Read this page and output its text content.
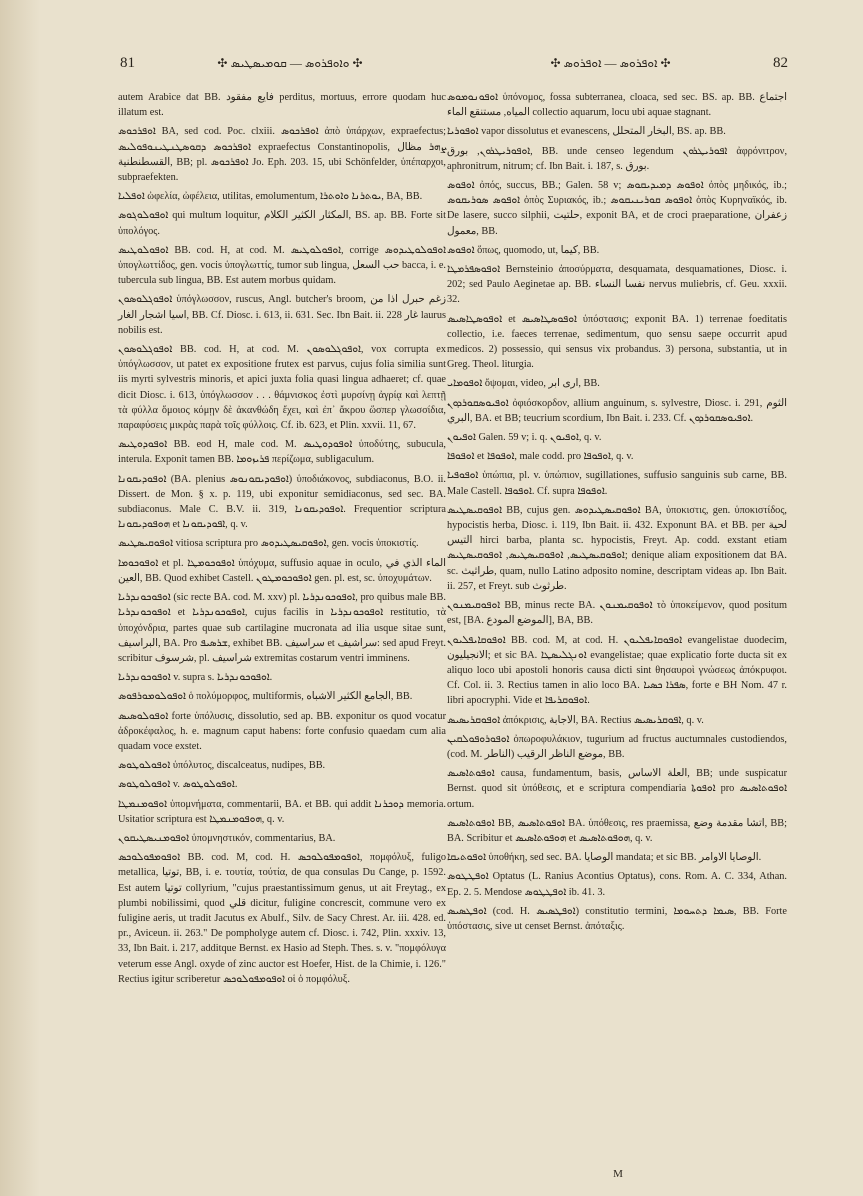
81	✣ ܘܐܘܦܪܘܣ — ܩܘܡܝܣܛܝܣ ✣	✣ ܐܘܦܪܘܣ — ܐܘܦܪܘܣ ✣	82

autem Arabice dat BB. فایع مفقود perditus, mortuus, errore quodam huc illatum est.

ܐܘܦܪܟܘܣ BA, sed cod. Poc. clxiii. ܐܘܦܪܟܘܣ ἀπὸ ὑπάρχων, expraefectus; ܐܘܦܪܟܘܣ ܕܩܘܣܛܢܛܝܢܘܦܘܠܝܣ expraefectus Constantinopolis, ܨܗܪ مظال القسطنطنية, BB; pl. ܐܘܦܪܟܘܣ Jo. Eph. 203. 15, ubi Schönfelder, ὑπέπαρχοι, subpraefekten.

ܐܘܦܠܝܐ ὠφελία, ὠφέλεια, utilitas, emolumentum, ܝܘܬܪܢܐ ܘܐܘܬܪܐ, BA, BB.

ܐܘܦܘܠܘܓܘܣ qui multum loquitur, المكثار الكثير الكلام, BS. ap. BB. Forte sit ὑπολόγος.

ܐܘܦܘܠܘܛܝܣ BB. cod. H, at cod. M. ܐܘܦܘܠܘܛܝܣ, corrige ܐܘܦܘܠܘܛܝܕܘܣ ὑπογλωττίδος, gen. vocis ὑπογλωττίς, tumor sub lingua, حب السعل bacca, i. e. tubercula sub lingua, BB. Est autem morbus quidam.

ܐܘܦܘܓܠܘܣܘܢ ὑπόγλωσσον, ruscus, Angl. butcher's broom, زغم حبرل اذا من اسيا اشجار الغار, BB. Cf. Diosc. i. 613, ii. 631. Sec. Ibn Bait. ii. 228 غار laurus nobilis est.

ܐܘܦܘܓܠܘܣܘܢ BB. cod. H, at cod. M. ܐܘܦܘܓܠܘܣܘܢ, vox corrupta ex ὑπόγλωσσον, ut patet ex expositione frutex est parvus, cujus folia similia sunt iis myrti sylvestris minoris, et apici juxta folia quasi lingua adhaeret; cf. quae dicit Diosc. i. 613, ὑπόγλωσσον . . . θάμνισκος ἐστὶ μυρσίνῃ ἀγρίᾳ καὶ λεπτῇ τὰ φύλλα ὅμοιος κόμῃν δὲ ἀκανθώδη ἔχει, καὶ ἐπ᾽ ἄκρου ὥσπερ γλωσσίδια, παραφύσεις μικρὰς παρὰ τοῖς φύλλοις. Cf. ib. 623, et Plin. xxvii. 11, 67.

ܐܘܦܘܕܘܛܝܣ BB. eod H, male cod. M. ܐܘܦܘܕܘܛܝܣ ὑποδύτης, subucula, interula. Exponit tamen BB. ܦܪܝܙܘܡܐ περίζωμα, subligaculum.

ܐܘܦܘܕܝܩܘܢܐ (BA. plenius ܐܘܦܘܕܝܩܘܢܘܣ) ὑποδιάκονος, subdiaconus, B.O. ii. Dissert. de Mon. § x. p. 119, ubi exponitur semidiaconus, sed sec. BA. subdiaconus. Male C. B.V. ii. 319, ܐܘܦܘܕܝܩܘܢܐ. Frequentior scriptura ܗܘܦܘܕܝܩܘܢܐ et ܐܦܘܕܝܩܘܢܐ, q. v.

ܐܘܦܘܩܝܣܛܝܣ vitiosa scriptura pro ܐܘܦܘܩܝܣܛܝܕܘܣ, gen. vocis ὑποκιστίς.

ܐܘܦܘܟܘܡܐ et pl. ܐܘܦܘܟܘܡܛܐ ὑπόχυμα, suffusio aquae in oculo, الماء الذي في العين, BB. Quod exhibet Castell. ܐܘܦܘܟܘܡܛܘܢ gen. pl. est, sc. ὑποχυμάτων.

ܐܘܦܘܟܘܢܕܪܝܐ (sic recte BA. cod. M. xxv) pl. ܐܘܦܘܟܘܢܕܪܝܐ, pro quibus male BB. ܐܘܦܘܟܘܢܕܪܝܐ et ܐܘܦܘܟܘܢܕܪܝܐ, cujus facilis in ܐܘܦܘܟܘܢܕܪܝܐ restitutio, τὰ ὑποχόνδρια, partes quae sub cartilagine mucronata ad ilia usque sitae sunt, البراسيف, BA. Pro ܫܪܣܝܦ, exhibet BB. سراسيف et سراشيف: sed apud Freyt. scribitur شرسوف, pl. شراسيف extremitas costarum ventri imminens.

ܐܘܦܘܟܘܢܕܪܝܐ v. supra s. ܐܘܦܘܟܘܢܕܪܝܐ.

ܐܘܦܘܠܘܡܘܪܦܘܣ ὁ πολύμορφος, multiformis, الجامع الكثير الاشباه, BB.

ܐܘܦܘܠܘܣܝܣ forte ὑπόλυσις, dissolutio, sed ap. BB. exponitur os quod vocatur ἀδροκέφαλος, h. e. magnum caput habens: forte confusio quaedam cum alia quadam voce exstet.

ܐܘܦܘܠܘܛܘܣ ὑπόλυτος, discalceatus, nudipes, BB.

ܐܘܦܘܠܘܛܘܣ v. ܐܘܦܘܠܘܛܘܣ.

ܐܘܦܘܡܢܡܛܐ ὑπομνήματα, commentarii, BA. et BB. qui addit ܕܘܟܪܢܐ memoria. Usitatior scriptura est ܗܘܦܘܡܢܡܛܐ, q. v.

ܐܘܦܘܡܢܝܣܛܝܩܘܢ ὑπομνηστικόν, commentarius, BA.

ܐܘܦܘܡܦܘܠܘܟܣ BB. cod. M, cod. H. ܐܘܦܘܡܦܘܠܘܟܣ, πομφόλυξ, fuligo metallica, توتيا, BB, i. e. τουτία, τούτία, de qua consulas Du Cange, p. 1592. Est autem توتيا collyrium, "cujus praestantissimum genus, ut ait Freytag., ex plumbi nobilissimi, quod قلي dicitur, fuligine concrescit, commune vero ex fuligine aeris, ut tradit Jacutus ex Abulf., Silv. de Sacy Chrest. Ar. iii. 428. ed. pr., Aviceun. ii. 263." De pompholyge autem cf. Diosc. i. 742, Plin. xxxiv. 13, 33, Ibn Bait. i. 217, additque Bernst. ex Hasio ad Steph. Thes. s. v. "πομφόλυγα veterum esse Angl. oxyde of zinc auctor est Hoefer, Hist. de la Chimie, i. 126." Rectius igitur scriberetur ܐܘܦܘܡܦܘܠܘܟܣ οἱ ὁ πομφόλυξ.

ܐܘܦܘܢܘܡܘܣ ὑπόνομος, fossa subterranea, cloaca, sed sec. BS. ap. BB. اجتماع المياه, مستنقع الماء collectio aquarum, locu ubi aquae stagnant.

ܐܘܦܘܪܝܐ vapor dissolutus et evanescens, البخار المتحلل, BS. ap. BB.

ܐܘܦܘܪܝܛܪܘܢ, بورق, BB. unde censeo legendum ܐܦܘܪܝܛܪܘܢ ἀφρόνιτρον, aphronitrum, nitrum; cf. Ibn Bait. i. 187, s. بورق.

ܐܘܦܘܣ ὀπός, succus, BB.; Galen. 58 v; ܐܘܦܘܣ ܕܡܝܕܝܩܘܣ ὀπὸς μηδικός, ib.; ܐܘܦܘܣ ܣܘܪܝܩܘܣ ὀπὸς Συριακός, ib.; ܐܘܦܘܣ ܩܘܪܝܢܝܩܘܣ ὀπὸς Κυρηναϊκός, ib. De lasere, succo silphii, حلتيت, exponit BA, et de croci praeparatione, زعفران معمول, BB.

ܐܘܦܘܣ ὅπως, quomodo, ut, كيما, BB.

ܐܘܦܘܣܦܪܡܛܐ Bernsteinio ἀποσύρματα, desquamata, desquamationes, Diosc. i. 202; sed Paulo Aeginetae ap. BB. نفسا النساء nervus muliebris, cf. Geu. xxxii. 32.

ܐܘܦܘܣܛܐܣܝܣ et ܐܘܦܘܣܛܐܣܝܣ ὑπόστασις; exponit BA. 1) terrenae foeditatis collectio, i.e. faeces terrenae, sedimentum, quo sensu saepe occurrit apud medicos. 2) possessio, qui sensus vix probandus. 3) persona, substantia, ut in Greg. Theol. liturgia.

ܐܘܦܘܡܐܝ ὄψομαι, video, ارى ابر, BB.

ܐܘܦܝܘܣܩܘܪܕܘܢ ὀφιόσκορδον, allium anguinum, s. sylvestre, Diosc. i. 291, الثوم البري, BA. et BB; teucrium scordium, Ibn Bait. i. 233. Cf. ܐܘܦܝܘܣܩܘܪܕܘܢ.

ܐܘܦܝܘܢ Galen. 59 v; i. q. ܐܘܦܝܘܢ, q. v.

ܐܘܦܘܦܐ et ܐܘܦܘܦܐ, male codd. pro ܐܘܦܘܦܐ, q. v.

ܐܘܦܘܦܝܐ ὑπώπια, pl. v. ὑπώπιον, sugillationes, suffusio sanguinis sub carne, BB. Male Castell. ܐܘܦܘܦܐ. Cf. supra ܐܘܦܘܦܐ.

ܐܘܦܘܩܝܣܛܝܣ BB, cujus gen. ܐܘܦܘܩܝܣܛܝܕܘܣ BA, ὑποκιστις, gen. ὑποκιστίδος, hypocistis herba, Diosc. i. 119, Ibn Bait. ii. 432. Exponunt BA. et BB. per لحية التيس hirci barba, planta sc. hypocistis, Freyt. Ap. codd. exstant etiam ܐܘܦܘܩܝܣܛܝܣ, ܐܘܦܘܩܝܣܛܝܣ, ܐܘܦܘܩܝܣܛܝܣ; denique aliam expositionem dat BA. sc. طراثيث, quam, nullo Latino adposito nomine, descriptam videas ap. Ibn Bait. ii. 257, et Freyt. sub طرثوث.

ܐܘܦܘܩܝܡܢܘܢ BB, minus recte BA. ܐܘܦܘܩܝܡܢܘܢ τὸ ὑποκείμενον, quod positum est, [BA. الموضع المودع], BA, BB.

ܐܘܦܘܩܐܝܦܠܝܘܢ BB. cod. M, at cod. H. ܐܘܦܘܩܐܝܦܠܝܘܢ evangelistae duodecim, الانجيليون; et sic BA. ܐܘܢܓܠܝܣܛܐ evangelistae; quae explicatio forte ducta sit ex aliquo loco ubi apostoli honoris causa dicti sint θησαυροὶ γνώσεως ἀπόκρυφοι. Cf. Col. ii. 3. Rectius tamen in alio loco BA. ܣܦܪܐ ܟܣܝܐ, forte e BH Nom. 47 r. libri apocryphi. Vide et ܐܘܦܘܩܪܝܦܐ.

ܐܘܦܘܩܪܝܣܝܣ ἀπόκρισις, الاجابة, BA. Rectius ܐܦܘܩܪܝܣܝܣ, q. v.

ܐܘܦܘܪܘܦܘܠܩܝܢ ὀπωροφυλάκιον, tugurium ad fructus auctumnales custodiendos, (cod. M. الناطر) موضع الناظر الرقيب, BB.

ܐܘܦܘܬܐܣܝܣ causa, fundamentum, basis, العلة الاساس, BB; unde suspicatur Bernst. quod sit ὑπόθεσις, et e scriptura compendiaria ܐܘܦܘܬܐ pro ܐܘܦܘܬܐܣܝܣ ortum.

ܐܘܦܘܬܐܣܝܣ BB, ܐܘܦܘܬܐܣܝܣ BA. ὑπόθεσις, res praemissa, اتشا مقدمة وضع, BB; BA. Scribitur et ܗܘܦܘܬܐܣܝܣ et ܗܘܦܘܬܐܣܝܣ, q. v.

ܐܘܦܘܬܝܩܐ ὑποθήκη, sed sec. BA. الوصايا mandata; et sic BB. الوصايا الاوامر.

ܐܘܦܛܛܘܣ Optatus (L. Ranius Acontius Optatus), cons. Rom. A. C. 334, Athan. Ep. 2. 5. Mendose ܐܘܦܛܛܘܣ ib. 41. 3.

ܐܘܦܛܣܝܣ (cod. H. ܐܘܦܛܣܝܣ) constitutio termini, ܣܝܡܐ ܕܬܚܘܡܐ, BB. Forte ὑπόστασις, sive ut censet Bernst. ἀπόταξις.

M
